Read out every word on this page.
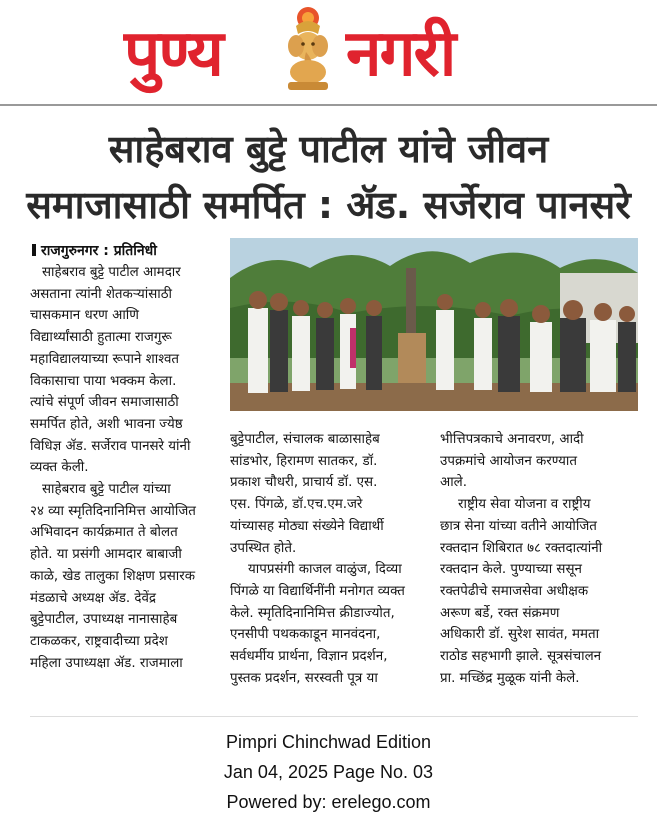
पुण्य नगरी
साहेबराव बुट्टे पाटील यांचे जीवन
समाजासाठी समर्पित : ॲड. सर्जेराव पानसरे
राजगुरुनगर : प्रतिनिधी
साहेबराव बुट्टे पाटील आमदार
असताना त्यांनी शेतकऱ्यांसाठी
चासकमान धरण आणि
विद्यार्थ्यांसाठी हुतात्मा राजगुरू
महाविद्यालयाच्या रूपाने शाश्वत
विकासाचा पाया भक्कम केला.
त्यांचे संपूर्ण जीवन समाजासाठी
समर्पित होते, अशी भावना ज्येष्ठ
विधिज्ञ ॲड. सर्जेराव पानसरे यांनी
व्यक्त केली.
साहेबराव बुट्टे पाटील यांच्या
२४ व्या स्मृतिदिनानिमित्त आयोजित
अभिवादन कार्यक्रमात ते बोलत
होते. या प्रसंगी आमदार बाबाजी
काळे, खेड तालुका शिक्षण प्रसारक
मंडळाचे अध्यक्ष ॲड. देवेंद्र
बुट्टेपाटील, उपाध्यक्ष नानासाहेब
टाकळकर, राष्ट्रवादीच्या प्रदेश
महिला उपाध्यक्षा ॲड. राजमाला
बुट्टेपाटील, संचालक बाळासाहेब
सांडभोर, हिरामण सातकर, डॉ.
प्रकाश चौधरी, प्राचार्य डॉ. एस.
एस. पिंगळे, डॉ.एच.एम.जरे
यांच्यासह मोठ्या संख्येने विद्यार्थी
उपस्थित होते.
यापप्रसंगी काजल वाळुंज, दिव्या
पिंगळे या विद्यार्थिनींनी मनोगत व्यक्त
केले. स्मृतिदिनानिमित्त क्रीडाज्योत,
एनसीपी पथककाडून मानवंदना,
सर्वधर्मीय प्रार्थना, विज्ञान प्रदर्शन,
पुस्तक प्रदर्शन, सरस्वती पूत्र या
भीत्तिपत्रकाचे अनावरण, आदी
उपक्रमांचे आयोजन करण्यात
आले.
राष्ट्रीय सेवा योजना व राष्ट्रीय
छात्र सेना यांच्या वतीने आयोजित
रक्तदान शिबिरात ७८ रक्तदात्यांनी
रक्तदान केले. पुण्याच्या ससून
रक्तपेढीचे समाजसेवा अधीक्षक
अरूण बर्डे, रक्त संक्रमण
अधिकारी डॉ. सुरेश सावंत, ममता
राठोड सहभागी झाले. सूत्रसंचालन
प्रा. मच्छिंद्र मुळूक यांनी केले.
Pimpri Chinchwad Edition
Jan 04, 2025 Page No. 03
Powered by: erelego.com
